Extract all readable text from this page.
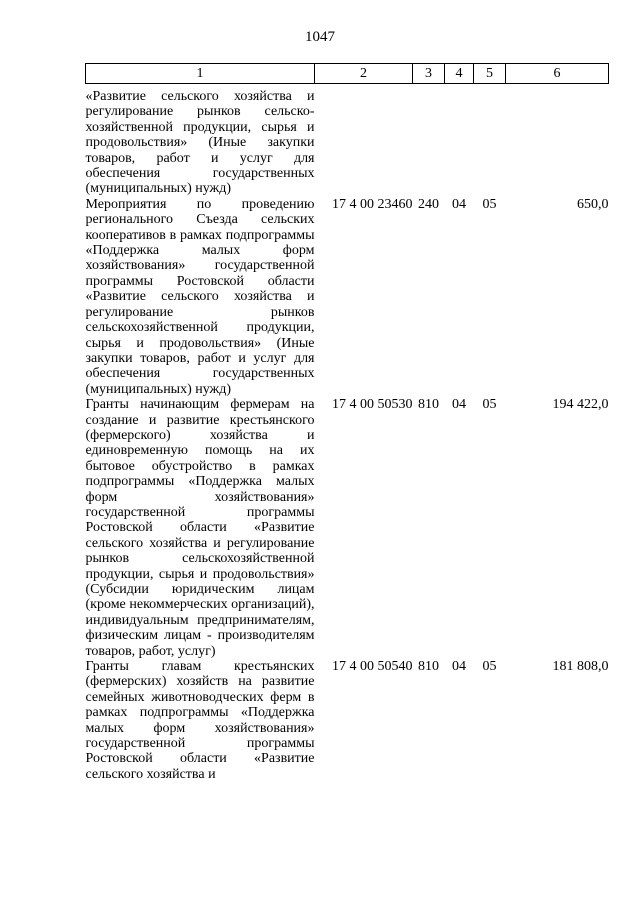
1047
1	2	3	4	5	6
«Развитие сельского хозяйства и регулирование рынков сельско-хозяйственной продукции, сырья и продовольствия» (Иные закупки товаров, работ и услуг для обеспечения государственных (муниципальных) нужд)					
Мероприятия по проведению регионального Съезда сельских кооперативов в рамках подпрограммы «Поддержка малых форм хозяйствования» государственной программы Ростовской области «Развитие сельского хозяйства и регулирование рынков сельскохозяйственной продукции, сырья и продовольствия» (Иные закупки товаров, работ и услуг для обеспечения государственных (муниципальных) нужд)	17 4 00 23460	240	04	05	650,0
Гранты начинающим фермерам на создание и развитие крестьянского (фермерского) хозяйства и единовременную помощь на их бытовое обустройство в рамках подпрограммы «Поддержка малых форм хозяйствования» государственной программы Ростовской области «Развитие сельского хозяйства и регулирование рынков сельскохозяйственной продукции, сырья и продовольствия» (Субсидии юридическим лицам (кроме некоммерческих организаций), индивидуальным предпринимателям, физическим лицам - производителям товаров, работ, услуг)	17 4 00 50530	810	04	05	194 422,0
Гранты главам крестьянских (фермерских) хозяйств на развитие семейных животноводческих ферм в рамках подпрограммы «Поддержка малых форм хозяйствования» государственной программы Ростовской области «Развитие сельского хозяйства и	17 4 00 50540	810	04	05	181 808,0
